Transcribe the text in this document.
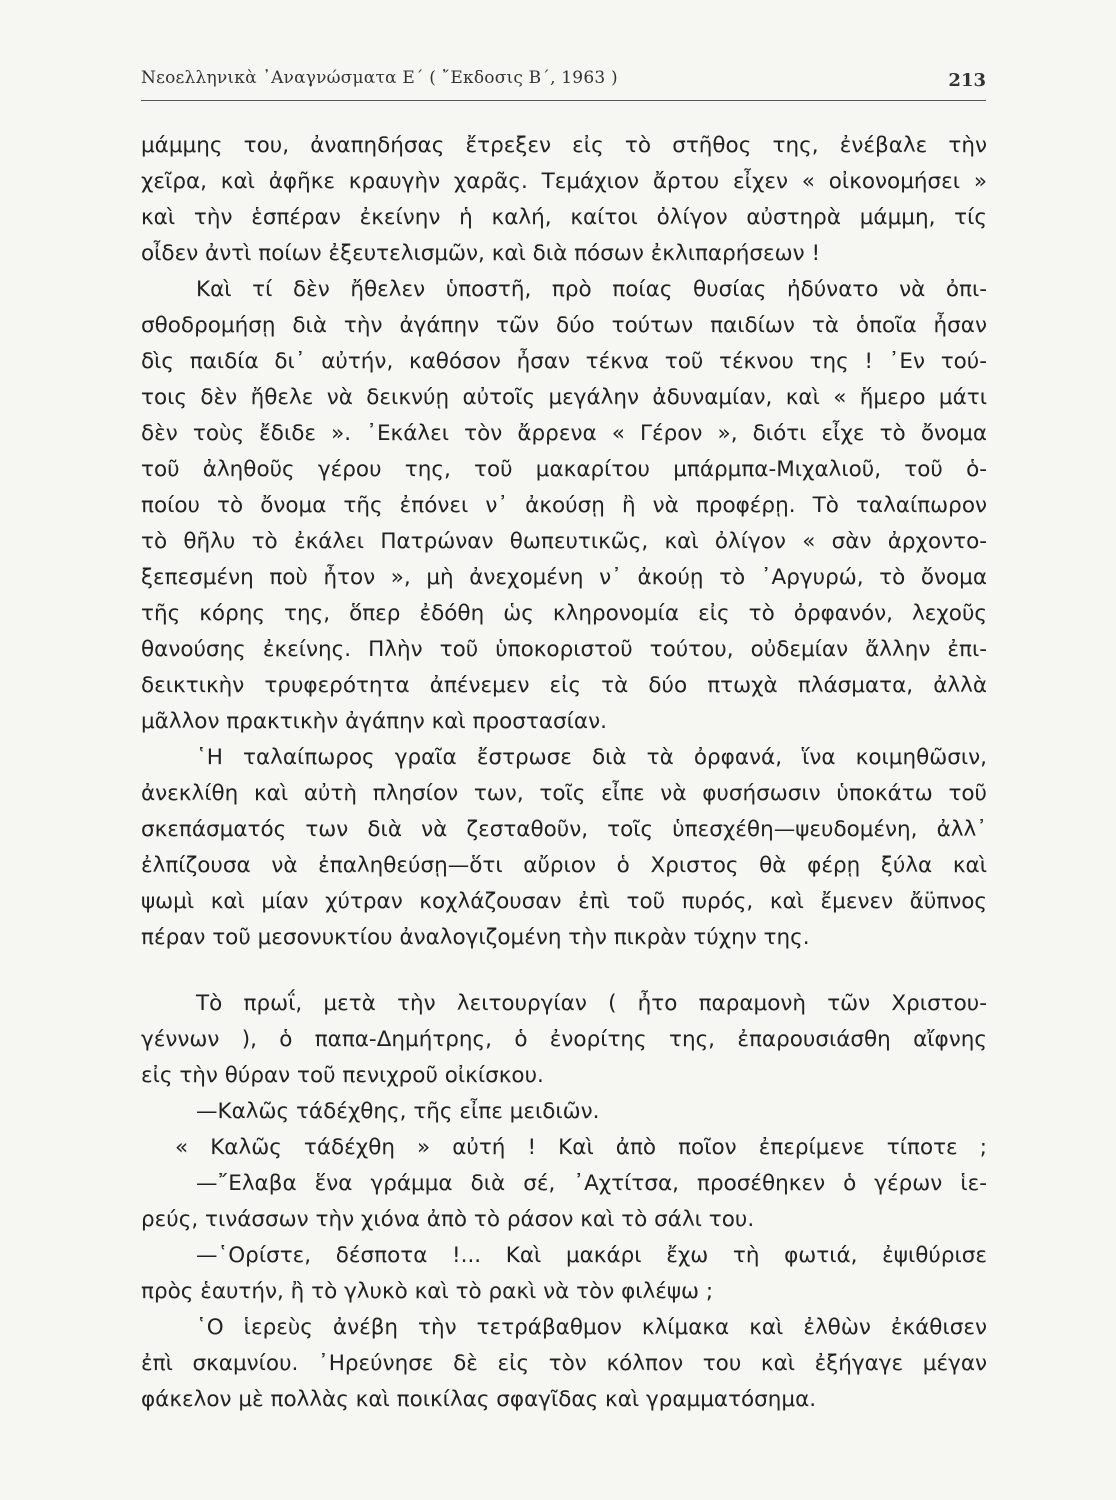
Νεοελληνικὰ ᾿Αναγνώσματα Ε΄ ( ῎Εκδοσις Β΄, 1963 )	213
μάμμης του, ἀναπηδήσας ἔτρεξεν εἰς τὸ στῆθος της, ἐνέβαλε τὴν
χεῖρα, καὶ ἀφῆκε κραυγὴν χαρᾶς. Τεμάχιον ἄρτου εἶχεν « οἰκονομήσει »
καὶ τὴν ἑσπέραν ἐκείνην ἡ καλή, καίτοι ὀλίγον αὐστηρὰ μάμμη, τίς
οἶδεν ἀντὶ ποίων ἐξευτελισμῶν, καὶ διὰ πόσων ἐκλιπαρήσεων !
Καὶ τί δὲν ἤθελεν ὑποστῆ, πρὸ ποίας θυσίας ἠδύνατο νὰ ὀπι-
σθοδρομήσῃ διὰ τὴν ἀγάπην τῶν δύο τούτων παιδίων τὰ ὁποῖα ἦσαν
δὶς παιδία δι᾿ αὐτήν, καθόσον ἦσαν τέκνα τοῦ τέκνου της ! ᾿Εν τού-
τοις δὲν ἤθελε νὰ δεικνύῃ αὐτοῖς μεγάλην ἀδυναμίαν, καὶ « ἥμερο μάτι
δὲν τοὺς ἔδιδε ». ᾿Εκάλει τὸν ἄρρενα « Γέρον », διότι εἶχε τὸ ὄνομα
τοῦ ἀληθοῦς γέρου της, τοῦ μακαρίτου μπάρμπα-Μιχαλιοῦ, τοῦ ὁ-
ποίου τὸ ὄνομα τῆς ἐπόνει ν᾿ ἀκούσῃ ἢ νὰ προφέρῃ. Τὸ ταλαίπωρον
τὸ θῆλυ τὸ ἐκάλει Πατρώναν θωπευτικῶς, καὶ ὀλίγον « σὰν ἀρχοντο-
ξεπεσμένη ποὺ ἦτον », μὴ ἀνεχομένη ν᾿ ἀκούῃ τὸ ᾿Αργυρώ, τὸ ὄνομα
τῆς κόρης της, ὅπερ ἐδόθη ὡς κληρονομία εἰς τὸ ὀρφανόν, λεχοῦς
θανούσης ἐκείνης. Πλὴν τοῦ ὑποκοριστοῦ τούτου, οὐδεμίαν ἄλλην ἐπι-
δεικτικὴν τρυφερότητα ἀπένεμεν εἰς τὰ δύο πτωχὰ πλάσματα, ἀλλὰ
μᾶλλον πρακτικὴν ἀγάπην καὶ προστασίαν.
῾Η ταλαίπωρος γραῖα ἔστρωσε διὰ τὰ ὀρφανά, ἵνα κοιμηθῶσιν,
ἀνεκλίθη καὶ αὐτὴ πλησίον των, τοῖς εἶπε νὰ φυσήσωσιν ὑποκάτω τοῦ
σκεπάσματός των διὰ νὰ ζεσταθοῦν, τοῖς ὑπεσχέθη—ψευδομένη, ἀλλ᾿
ἐλπίζουσα νὰ ἐπαληθεύσῃ—ὅτι αὔριον ὁ Χριστος θὰ φέρῃ ξύλα καὶ
ψωμὶ καὶ μίαν χύτραν κοχλάζουσαν ἐπὶ τοῦ πυρός, καὶ ἔμενεν ἄϋπνος
πέραν τοῦ μεσονυκτίου ἀναλογιζομένη τὴν πικρὰν τύχην της.
Τὸ πρωΐ, μετὰ τὴν λειτουργίαν ( ἦτο παραμονὴ τῶν Χριστου-
γέννων ), ὁ παπα-Δημήτρης, ὁ ἐνορίτης της, ἐπαρουσιάσθη αἴφνης
εἰς τὴν θύραν τοῦ πενιχροῦ οἰκίσκου.
—Καλῶς τάδέχθης, τῆς εἶπε μειδιῶν.
« Καλῶς τάδέχθη » αὐτή ! Καὶ ἀπὸ ποῖον ἐπερίμενε τίποτε ;
—῎Ελαβα ἕνα γράμμα διὰ σέ, ᾿Αχτίτσα, προσέθηκεν ὁ γέρων ἱε-
ρεύς, τινάσσων τὴν χιόνα ἀπὸ τὸ ράσον καὶ τὸ σάλι του.
—῾Ορίστε, δέσποτα !... Καὶ μακάρι ἔχω τὴ φωτιά, ἐψιθύρισε
πρὸς ἑαυτήν, ἢ τὸ γλυκὸ καὶ τὸ ρακὶ νὰ τὸν φιλέψω ;
῾Ο ἱερεὺς ἀνέβη τὴν τετράβαθμον κλίμακα καὶ ἐλθὼν ἐκάθισεν
ἐπὶ σκαμνίου. ᾿Ηρεύνησε δὲ εἰς τὸν κόλπον του καὶ ἐξήγαγε μέγαν
φάκελον μὲ πολλὰς καὶ ποικίλας σφαγῖδας καὶ γραμματόσημα.
